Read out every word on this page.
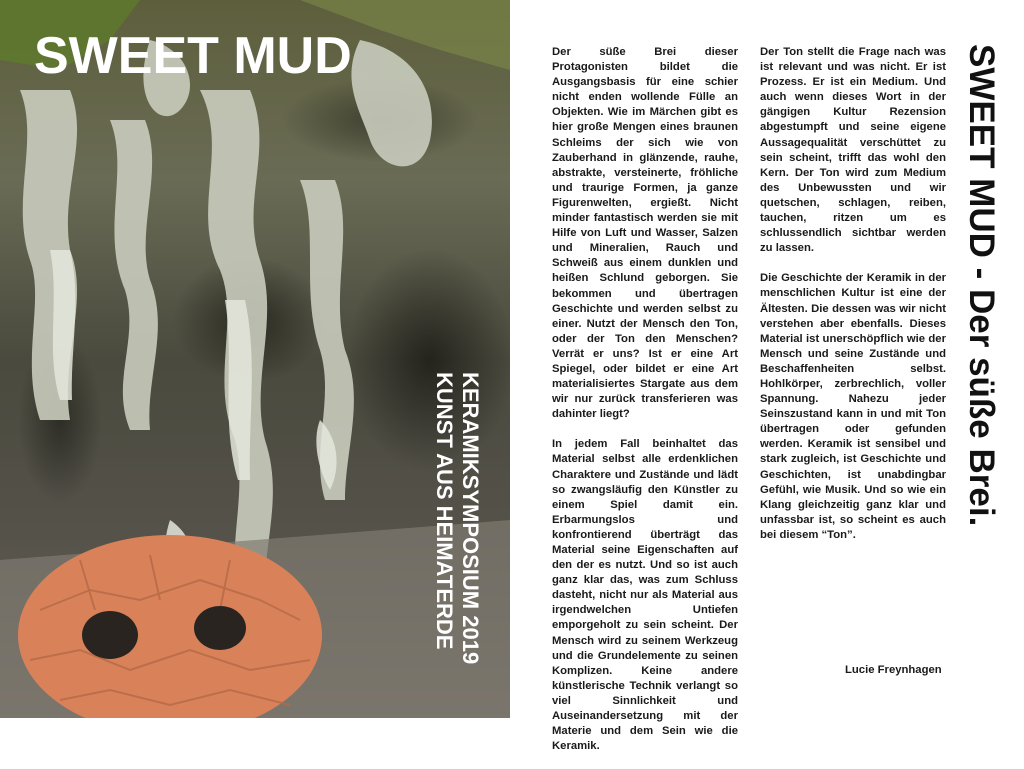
SWEET MUD
KERAMIKSYMPOSIUM 2019
KUNST AUS HEIMATERDE

Der süße Brei dieser Protagonisten bildet die Ausgangsbasis für eine schier nicht enden wollende Fülle an Objekten. Wie im Märchen gibt es hier große Mengen eines braunen Schleims der sich wie von Zauberhand in glänzende, rauhe, abstrakte, versteinerte, fröhliche und traurige Formen, ja ganze Figurenwelten, ergießt. Nicht minder fantastisch werden sie mit Hilfe von Luft und Wasser, Salzen und Mineralien, Rauch und Schweiß aus einem dunklen und heißen Schlund geborgen. Sie bekommen und übertragen Geschichte und werden selbst zu einer. Nutzt der Mensch den Ton, oder der Ton den Menschen? Verrät er uns? Ist er eine Art Spiegel, oder bildet er eine Art materialisiertes Stargate aus dem wir nur zurück transferieren was dahinter liegt?

In jedem Fall beinhaltet das Material selbst alle erdenklichen Charaktere und Zustände und lädt so zwangsläufig den Künstler zu einem Spiel damit ein. Erbarmungslos und konfrontierend überträgt das Material seine Eigenschaften auf den der es nutzt. Und so ist auch ganz klar das, was zum Schluss dasteht, nicht nur als Material aus irgendwelchen Untiefen emporgeholt zu sein scheint. Der Mensch wird zu seinem Werkzeug und die Grundelemente zu seinen Komplizen. Keine andere künstlerische Technik verlangt so viel Sinnlichkeit und Auseinandersetzung mit der Materie und dem Sein wie die Keramik.

Der Ton stellt die Frage nach was ist relevant und was nicht. Er ist Prozess. Er ist ein Medium. Und auch wenn dieses Wort in der gängigen Kultur Rezension abgestumpft und seine eigene Aussagequalität verschüttet zu sein scheint, trifft das wohl den Kern. Der Ton wird zum Medium des Unbewussten und wir quetschen, schlagen, reiben, tauchen, ritzen um es schlussendlich sichtbar werden zu lassen.

Die Geschichte der Keramik in der menschlichen Kultur ist eine der Ältesten. Die dessen was wir nicht verstehen aber ebenfalls. Dieses Material ist unerschöpflich wie der Mensch und seine Zustände und Beschaffenheiten selbst. Hohlkörper, zerbrechlich, voller Spannung. Nahezu jeder Seinszustand kann in und mit Ton übertragen oder gefunden werden. Keramik ist sensibel und stark zugleich, ist Geschichte und Geschichten, ist unabdingbar Gefühl, wie Musik. Und so wie ein Klang gleichzeitig ganz klar und unfassbar ist, so scheint es auch bei diesem “Ton”.

Lucie Freynhagen
SWEET MUD - Der süße Brei.
